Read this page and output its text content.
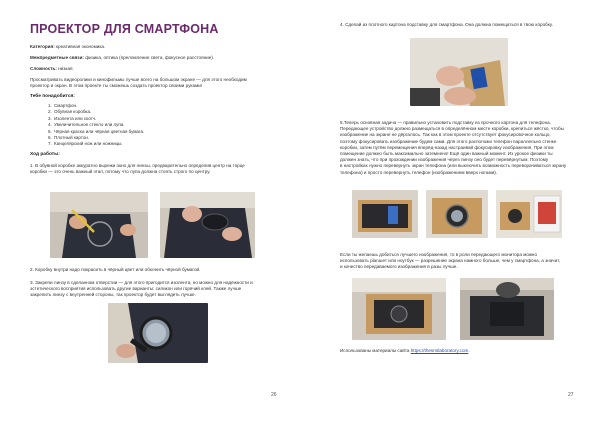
ПРОЕКТОР ДЛЯ СМАРТФОНА
Категория: креативная экономика.
Межпредметные связи: физика, оптика (преломление света, фокусное расстояние).
Сложность: низкая.
Просматривать видеоролики и кинофильмы лучше всего на большом экране — для этого необходим
проектор и экран. В этом проекте ты сможешь создать проектор своими руками!
Тебе понадобится:
1. Смартфон.
2. Обувная коробка.
3. Изолента или скотч.
4. Увеличительное стекло или лупа.
5. Чёрная краска или чёрная цветная бумага.
6. Плотный картон.
7. Канцелярский нож или ножницы.
Ход работы:
1. В обувной коробке аккуратно вырежи окно для линзы, предварительно определив центр на торце
коробки — это очень важный этап, потому что лупа должна стоять строго по центру.
2. Коробку внутри надо покрасить в чёрный цвет или обклеить чёрной бумагой.
3. Закрепи линзу в сделанном отверстии — для этого пригодится изолента, но можно для надёжности и
эстетического восприятия использовать другие варианты: силикон или горячий клей. Также лучше
закрепить линзу с внутренней стороны, так проектор будет выглядеть лучше.
26
4. Сделай из плотного картона подставку для смартфона. Она должна помещаться в твою коробку.
5.Теперь основная задача — правильно установить подставку из прочного картона для телефона.
Передающее устройство должно размещаться в определённом месте коробки, крепиться жёстко, чтобы
изображение на экране не дёргалось. Так как в этом проекте отсутствует фокусировочное кольцо,
поэтому фокусировать изображение будем сами. Для этого расположи телефон параллельно стенке
коробки, затем путём перемещения вперёд-назад настраивай фокусировку изображения. При этом
помещение должно быть максимально затемнено! Ещё один важный момент. Из урокое физики ты
должен знать, что при прохождении изображения через линзу оно будет перевёрнутым. Поэтому
в настройках нужно перевернуть экран телефона (или выключить возможность переворачиваться экрану
телефона) и просто перевернуть телефон (изображением вверх ногами).
Если ты желаешь добиться лучшего изображения, то в роли передающего монитора можно
использовать planшет или ноутбук — разрешение экрана намного больше, чем у смартфона, а значит,
и качество передаваемого изображения в разы лучше.
Использованы материалы сайта https://thesmtlaboratory.com.
27
